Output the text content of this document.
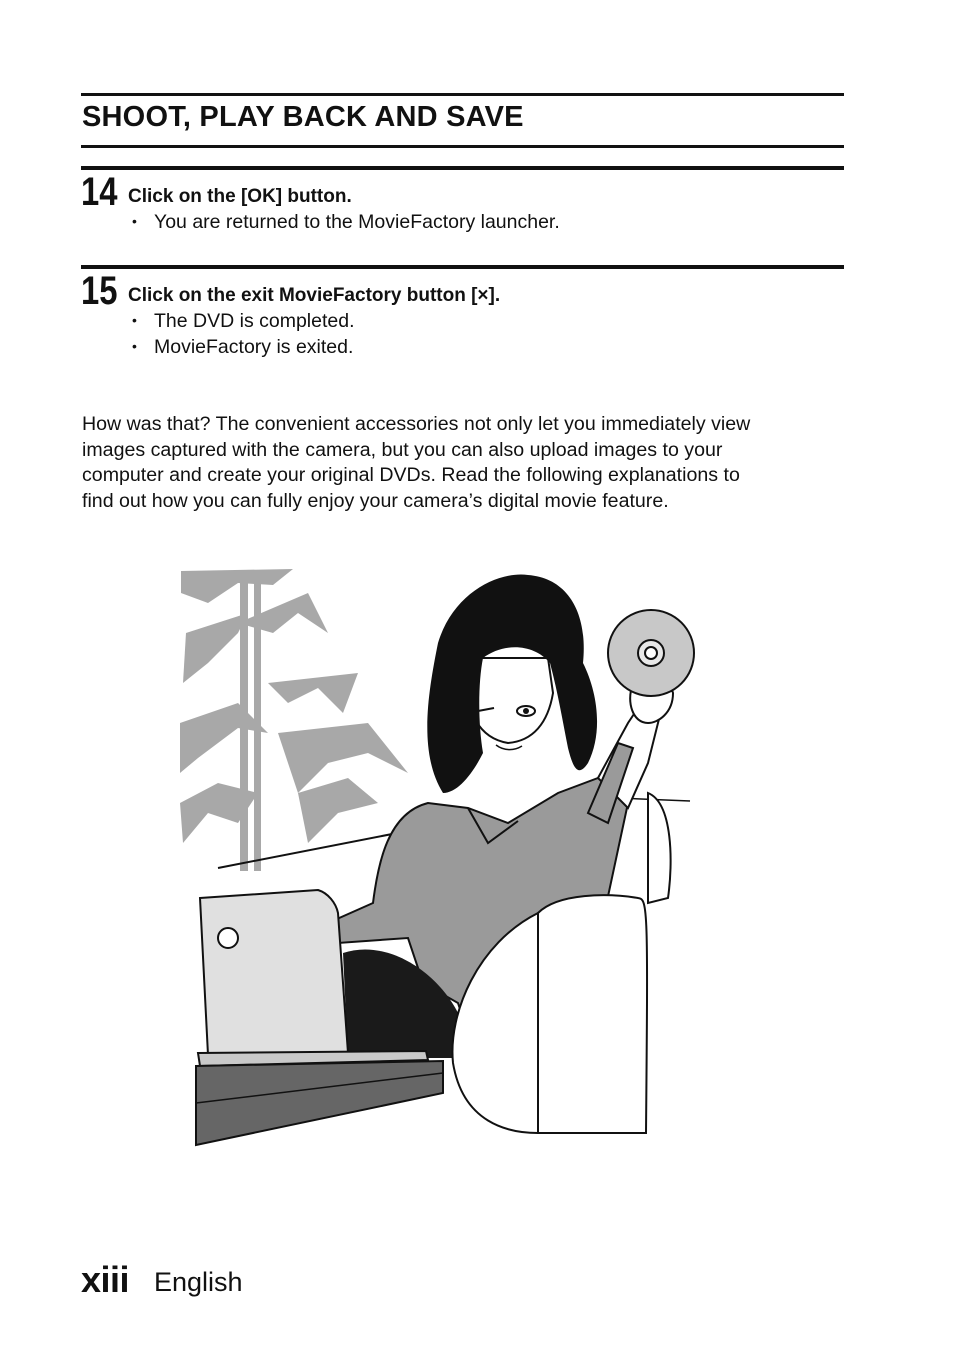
SHOOT, PLAY BACK AND SAVE
14 Click on the [OK] button.
• You are returned to the MovieFactory launcher.
15 Click on the exit MovieFactory button [×].
• The DVD is completed.
• MovieFactory is exited.
How was that? The convenient accessories not only let you immediately view
images captured with the camera, but you can also upload images to your
computer and create your original DVDs. Read the following explanations to
find out how you can fully enjoy your camera’s digital movie feature.
xiii English
